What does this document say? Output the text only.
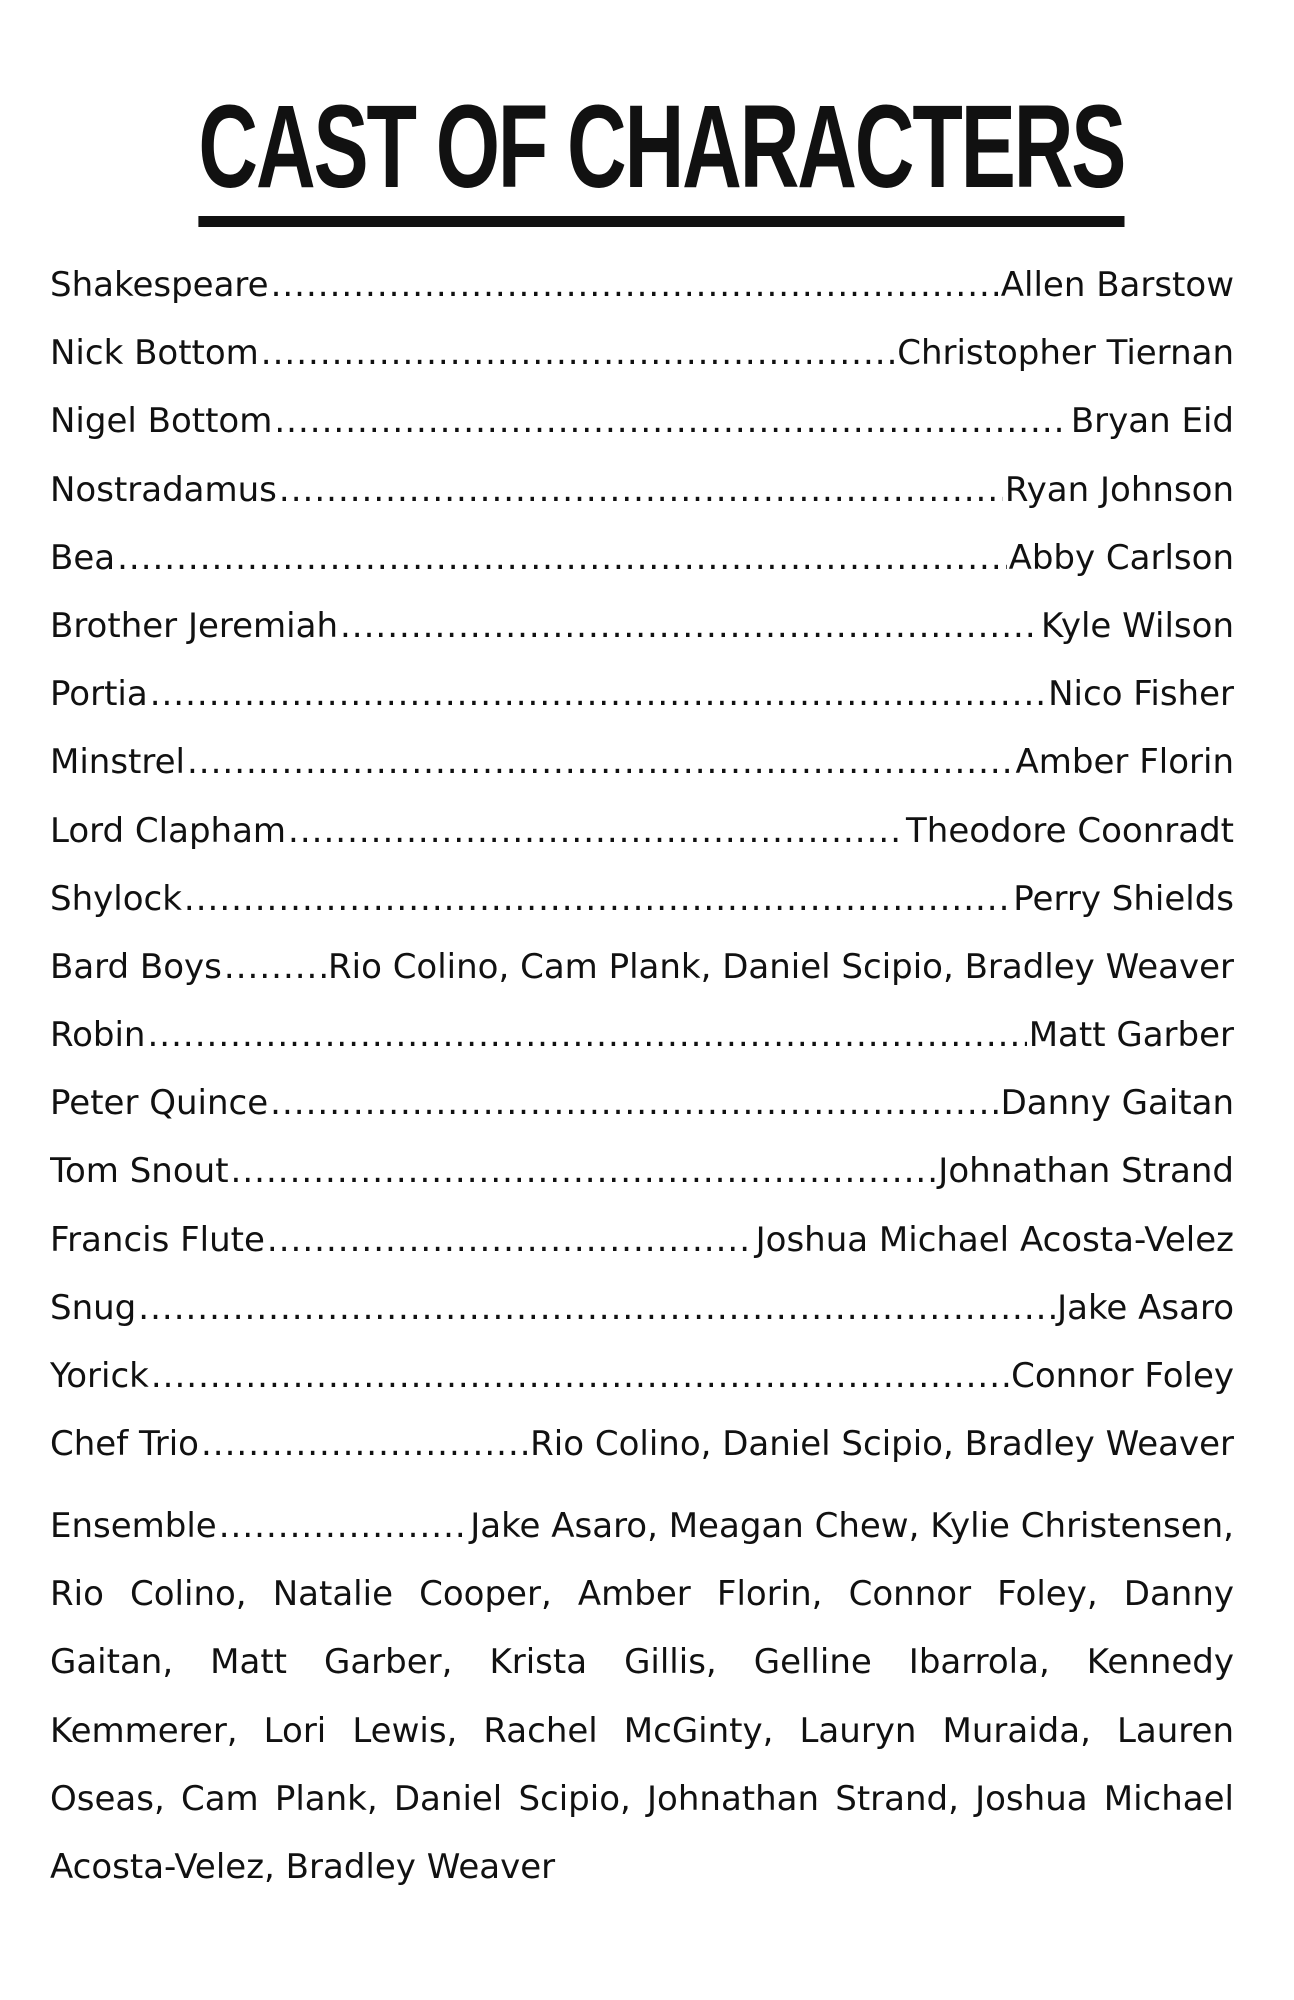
CAST OF CHARACTERS
Shakespeare .....	Allen Barstow
Nick Bottom .....	Christopher Tiernan
Nigel Bottom .....	Bryan Eid
Nostradamus .....	Ryan Johnson
Bea .....	Abby Carlson
Brother Jeremiah .....	Kyle Wilson
Portia .....	Nico Fisher
Minstrel .....	Amber Florin
Lord Clapham .....	Theodore Coonradt
Shylock .....	Perry Shields
Bard Boys .....	Rio Colino, Cam Plank, Daniel Scipio, Bradley Weaver
Robin .....	Matt Garber
Peter Quince .....	Danny Gaitan
Tom Snout .....	Johnathan Strand
Francis Flute .....	Joshua Michael Acosta-Velez
Snug .....	Jake Asaro
Yorick .....	Connor Foley
Chef Trio .....	Rio Colino, Daniel Scipio, Bradley Weaver
Ensemble .....	Jake Asaro, Meagan Chew, Kylie Christensen,
Rio Colino, Natalie Cooper, Amber Florin, Connor Foley, Danny Gaitan, Matt Garber, Krista Gillis, Gelline Ibarrola, Kennedy Kemmerer, Lori Lewis, Rachel McGinty, Lauryn Muraida, Lauren Oseas, Cam Plank, Daniel Scipio, Johnathan Strand, Joshua Michael Acosta-Velez, Bradley Weaver
